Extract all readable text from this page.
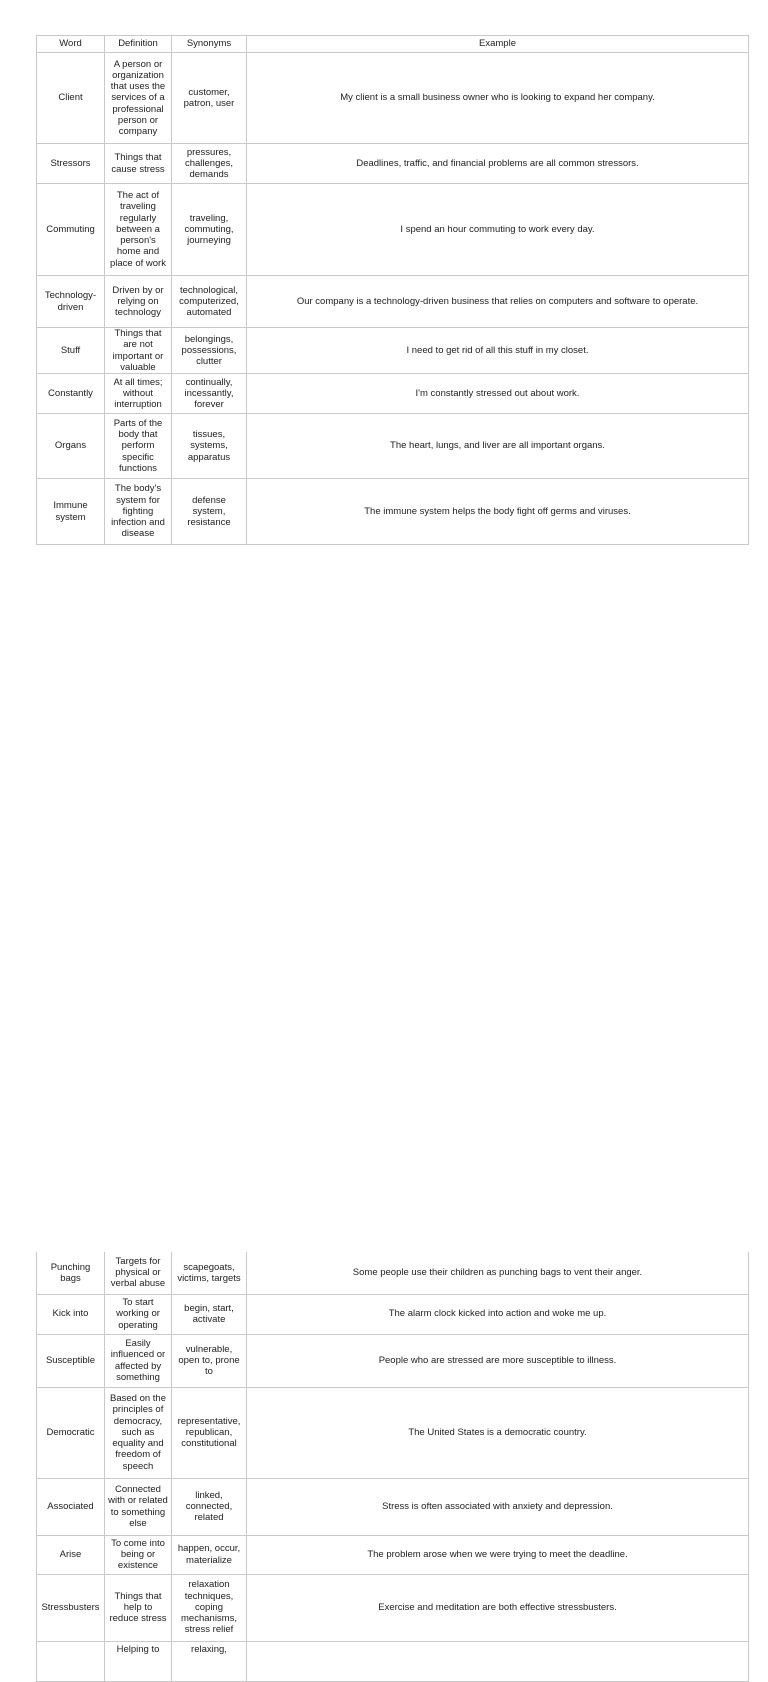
Word	Definition	Synonyms	Example
Client	A person or organization that uses the services of a professional person or company	customer, patron, user	My client is a small business owner who is looking to expand her company.
Stressors	Things that cause stress	pressures, challenges, demands	Deadlines, traffic, and financial problems are all common stressors.
Commuting	The act of traveling regularly between a person's home and place of work	traveling, commuting, journeying	I spend an hour commuting to work every day.
Technology-driven	Driven by or relying on technology	technological, computerized, automated	Our company is a technology-driven business that relies on computers and software to operate.
Stuff	Things that are not important or valuable	belongings, possessions, clutter	I need to get rid of all this stuff in my closet.
Constantly	At all times; without interruption	continually, incessantly, forever	I'm constantly stressed out about work.
Organs	Parts of the body that perform specific functions	tissues, systems, apparatus	The heart, lungs, and liver are all important organs.
Immune system	The body's system for fighting infection and disease	defense system, resistance	The immune system helps the body fight off germs and viruses.
Punching bags	Targets for physical or verbal abuse	scapegoats, victims, targets	Some people use their children as punching bags to vent their anger.
Kick into	To start working or operating	begin, start, activate	The alarm clock kicked into action and woke me up.
Susceptible	Easily influenced or affected by something	vulnerable, open to, prone to	People who are stressed are more susceptible to illness.
Democratic	Based on the principles of democracy, such as equality and freedom of speech	representative, republican, constitutional	The United States is a democratic country.
Associated	Connected with or related to something else	linked, connected, related	Stress is often associated with anxiety and depression.
Arise	To come into being or existence	happen, occur, materialize	The problem arose when we were trying to meet the deadline.
Stressbusters	Things that help to reduce stress	relaxation techniques, coping mechanisms, stress relief	Exercise and meditation are both effective stressbusters.
	Helping to	relaxing,	
